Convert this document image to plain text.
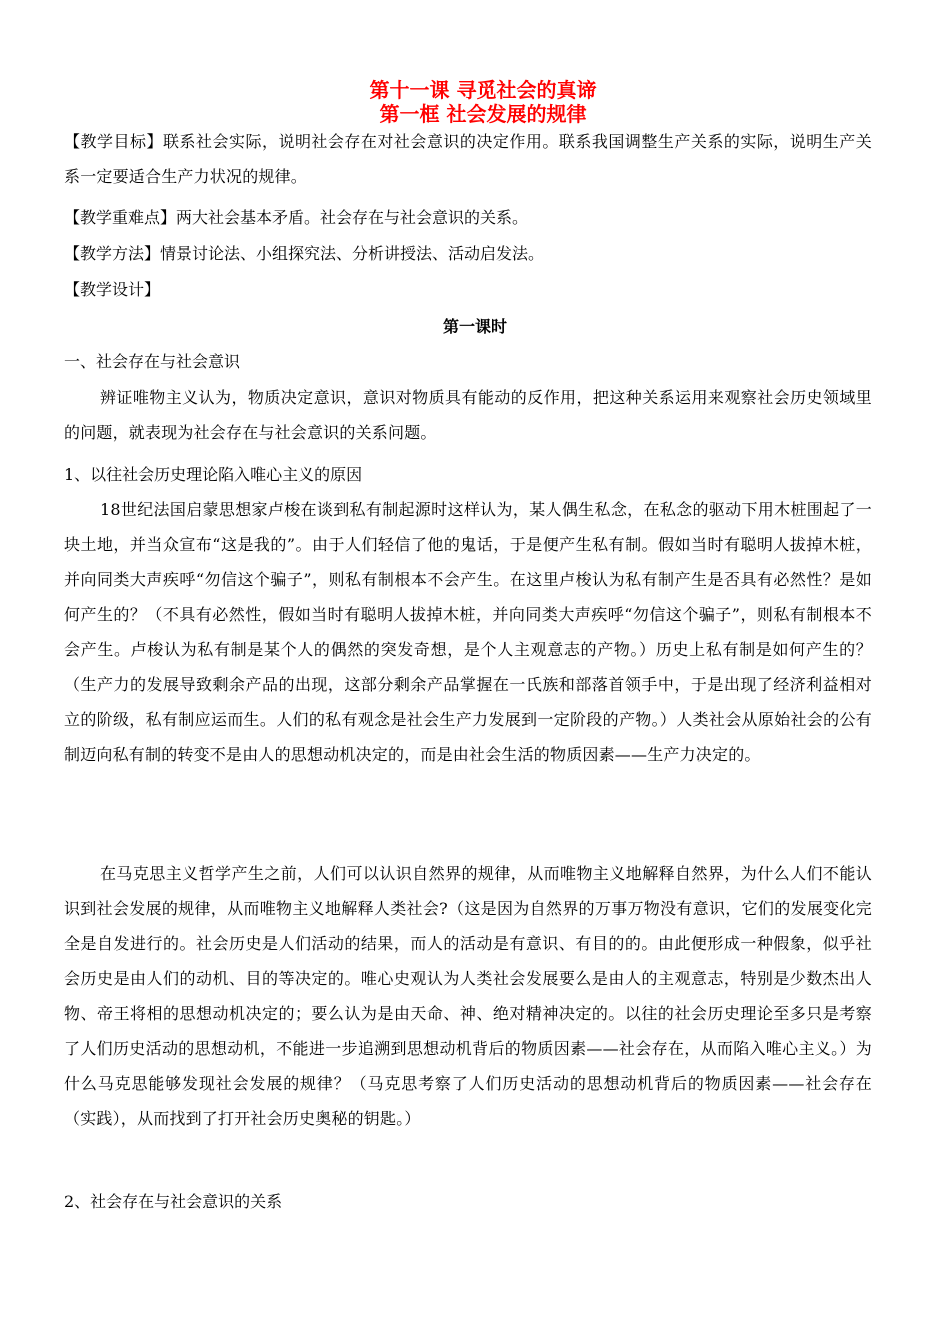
第十一课 寻觅社会的真谛
第一框 社会发展的规律
【教学目标】联系社会实际，说明社会存在对社会意识的决定作用。联系我国调整生产关系的实际，说明生产关系一定要适合生产力状况的规律。
【教学重难点】两大社会基本矛盾。社会存在与社会意识的关系。
【教学方法】情景讨论法、小组探究法、分析讲授法、活动启发法。
【教学设计】
第一课时
一、社会存在与社会意识
辨证唯物主义认为，物质决定意识，意识对物质具有能动的反作用，把这种关系运用来观察社会历史领域里的问题，就表现为社会存在与社会意识的关系问题。
1、以往社会历史理论陷入唯心主义的原因
18世纪法国启蒙思想家卢梭在谈到私有制起源时这样认为，某人偶生私念，在私念的驱动下用木桩围起了一块土地，并当众宣布“这是我的”。由于人们轻信了他的鬼话，于是便产生私有制。假如当时有聪明人拔掉木桩，并向同类大声疾呼“勿信这个骗子”，则私有制根本不会产生。在这里卢梭认为私有制产生是否具有必然性？是如何产生的？（不具有必然性，假如当时有聪明人拔掉木桩，并向同类大声疾呼“勿信这个骗子”，则私有制根本不会产生。卢梭认为私有制是某个人的偶然的突发奇想，是个人主观意志的产物。）历史上私有制是如何产生的？（生产力的发展导致剩余产品的出现，这部分剩余产品掌握在一氏族和部落首领手中，于是出现了经济利益相对立的阶级，私有制应运而生。人们的私有观念是社会生产力发展到一定阶段的产物。）人类社会从原始社会的公有制迈向私有制的转变不是由人的思想动机决定的，而是由社会生活的物质因素——生产力决定的。
在马克思主义哲学产生之前，人们可以认识自然界的规律，从而唯物主义地解释自然界，为什么人们不能认识到社会发展的规律，从而唯物主义地解释人类社会?（这是因为自然界的万事万物没有意识，它们的发展变化完全是自发进行的。社会历史是人们活动的结果，而人的活动是有意识、有目的的。由此便形成一种假象，似乎社会历史是由人们的动机、目的等决定的。唯心史观认为人类社会发展要么是由人的主观意志，特别是少数杰出人物、帝王将相的思想动机决定的；要么认为是由天命、神、绝对精神决定的。以往的社会历史理论至多只是考察了人们历史活动的思想动机，不能进一步追溯到思想动机背后的物质因素——社会存在，从而陷入唯心主义。）为什么马克思能够发现社会发展的规律？（马克思考察了人们历史活动的思想动机背后的物质因素——社会存在（实践），从而找到了打开社会历史奥秘的钥匙。）
2、社会存在与社会意识的关系
